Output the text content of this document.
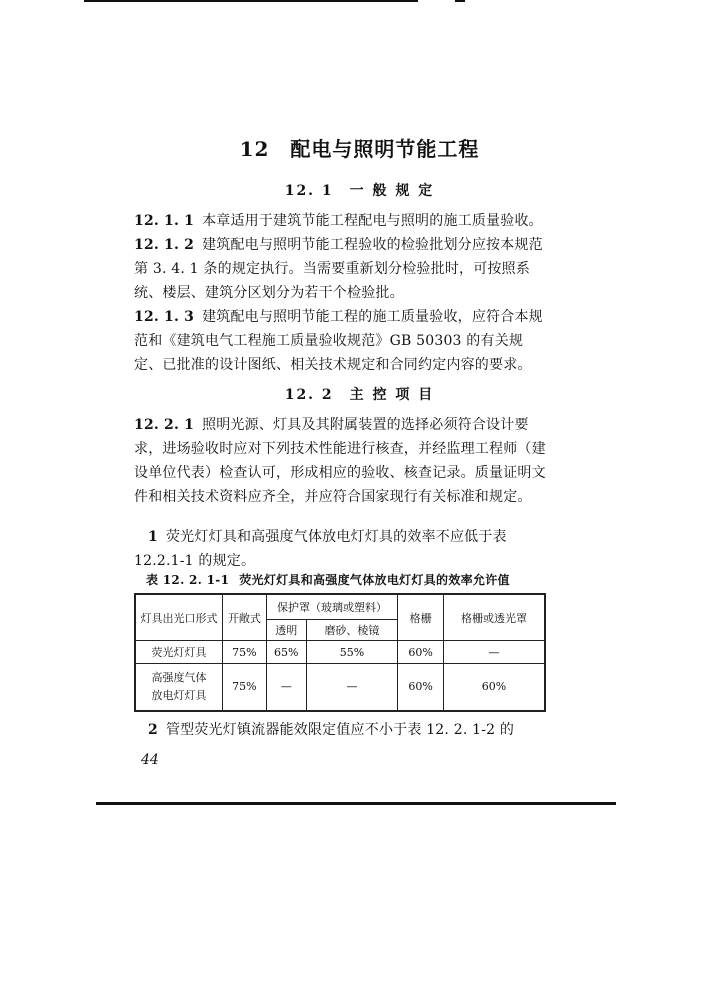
12　配电与照明节能工程
12. 1　一 般 规 定

12. 1. 1 本章适用于建筑节能工程配电与照明的施工质量验收。

12. 1. 2 建筑配电与照明节能工程验收的检验批划分应按本规范第 3. 4. 1 条的规定执行。当需要重新划分检验批时，可按照系统、楼层、建筑分区划分为若干个检验批。

12. 1. 3 建筑配电与照明节能工程的施工质量验收，应符合本规范和《建筑电气工程施工质量验收规范》GB 50303 的有关规定、已批准的设计图纸、相关技术规定和合同约定内容的要求。

12. 2　主 控 项 目

12. 2. 1 照明光源、灯具及其附属装置的选择必须符合设计要求，进场验收时应对下列技术性能进行核查，并经监理工程师（建设单位代表）检查认可，形成相应的验收、核查记录。质量证明文件和相关技术资料应齐全，并应符合国家现行有关标准和规定。

1 荧光灯灯具和高强度气体放电灯灯具的效率不应低于表 12.2.1-1 的规定。

表 12. 2. 1-1 荧光灯灯具和高强度气体放电灯灯具的效率允许值
灯具出光口形式	开敞式	保护罩（玻璃或塑料）		格栅	格栅或透光罩
		透明	磨砂、棱镜		
荧光灯灯具	75%	65%	55%	60%	—
高强度气体
放电灯灯具	75%	—	—	60%	60%

2 管型荧光灯镇流器能效限定值应不小于表 12. 2. 1-2 的

44
